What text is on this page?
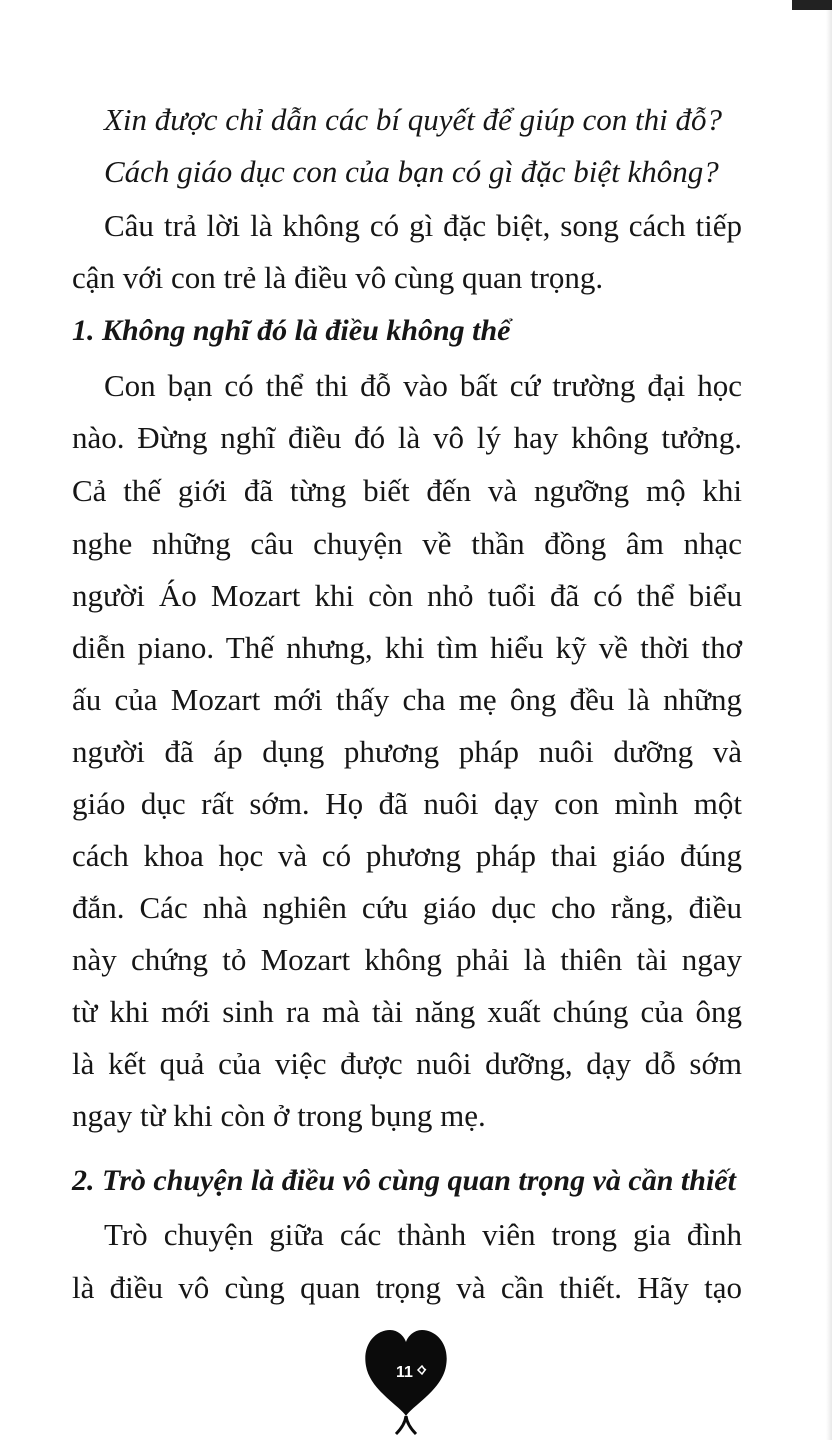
Xin được chỉ dẫn các bí quyết để giúp con thi đỗ?
Cách giáo dục con của bạn có gì đặc biệt không?
Câu trả lời là không có gì đặc biệt, song cách tiếp
cận với con trẻ là điều vô cùng quan trọng.
1. Không nghĩ đó là điều không thể
Con bạn có thể thi đỗ vào bất cứ trường đại học
nào. Đừng nghĩ điều đó là vô lý hay không tưởng.
Cả thế giới đã từng biết đến và ngưỡng mộ khi
nghe những câu chuyện về thần đồng âm nhạc
người Áo Mozart khi còn nhỏ tuổi đã có thể biểu
diễn piano. Thế nhưng, khi tìm hiểu kỹ về thời thơ
ấu của Mozart mới thấy cha mẹ ông đều là những
người đã áp dụng phương pháp nuôi dưỡng và
giáo dục rất sớm. Họ đã nuôi dạy con mình một
cách khoa học và có phương pháp thai giáo đúng
đắn. Các nhà nghiên cứu giáo dục cho rằng, điều
này chứng tỏ Mozart không phải là thiên tài ngay
từ khi mới sinh ra mà tài năng xuất chúng của ông
là kết quả của việc được nuôi dưỡng, dạy dỗ sớm
ngay từ khi còn ở trong bụng mẹ.
2. Trò chuyện là điều vô cùng quan trọng và cần thiết
Trò chuyện giữa các thành viên trong gia đình
là điều vô cùng quan trọng và cần thiết. Hãy tạo
11
